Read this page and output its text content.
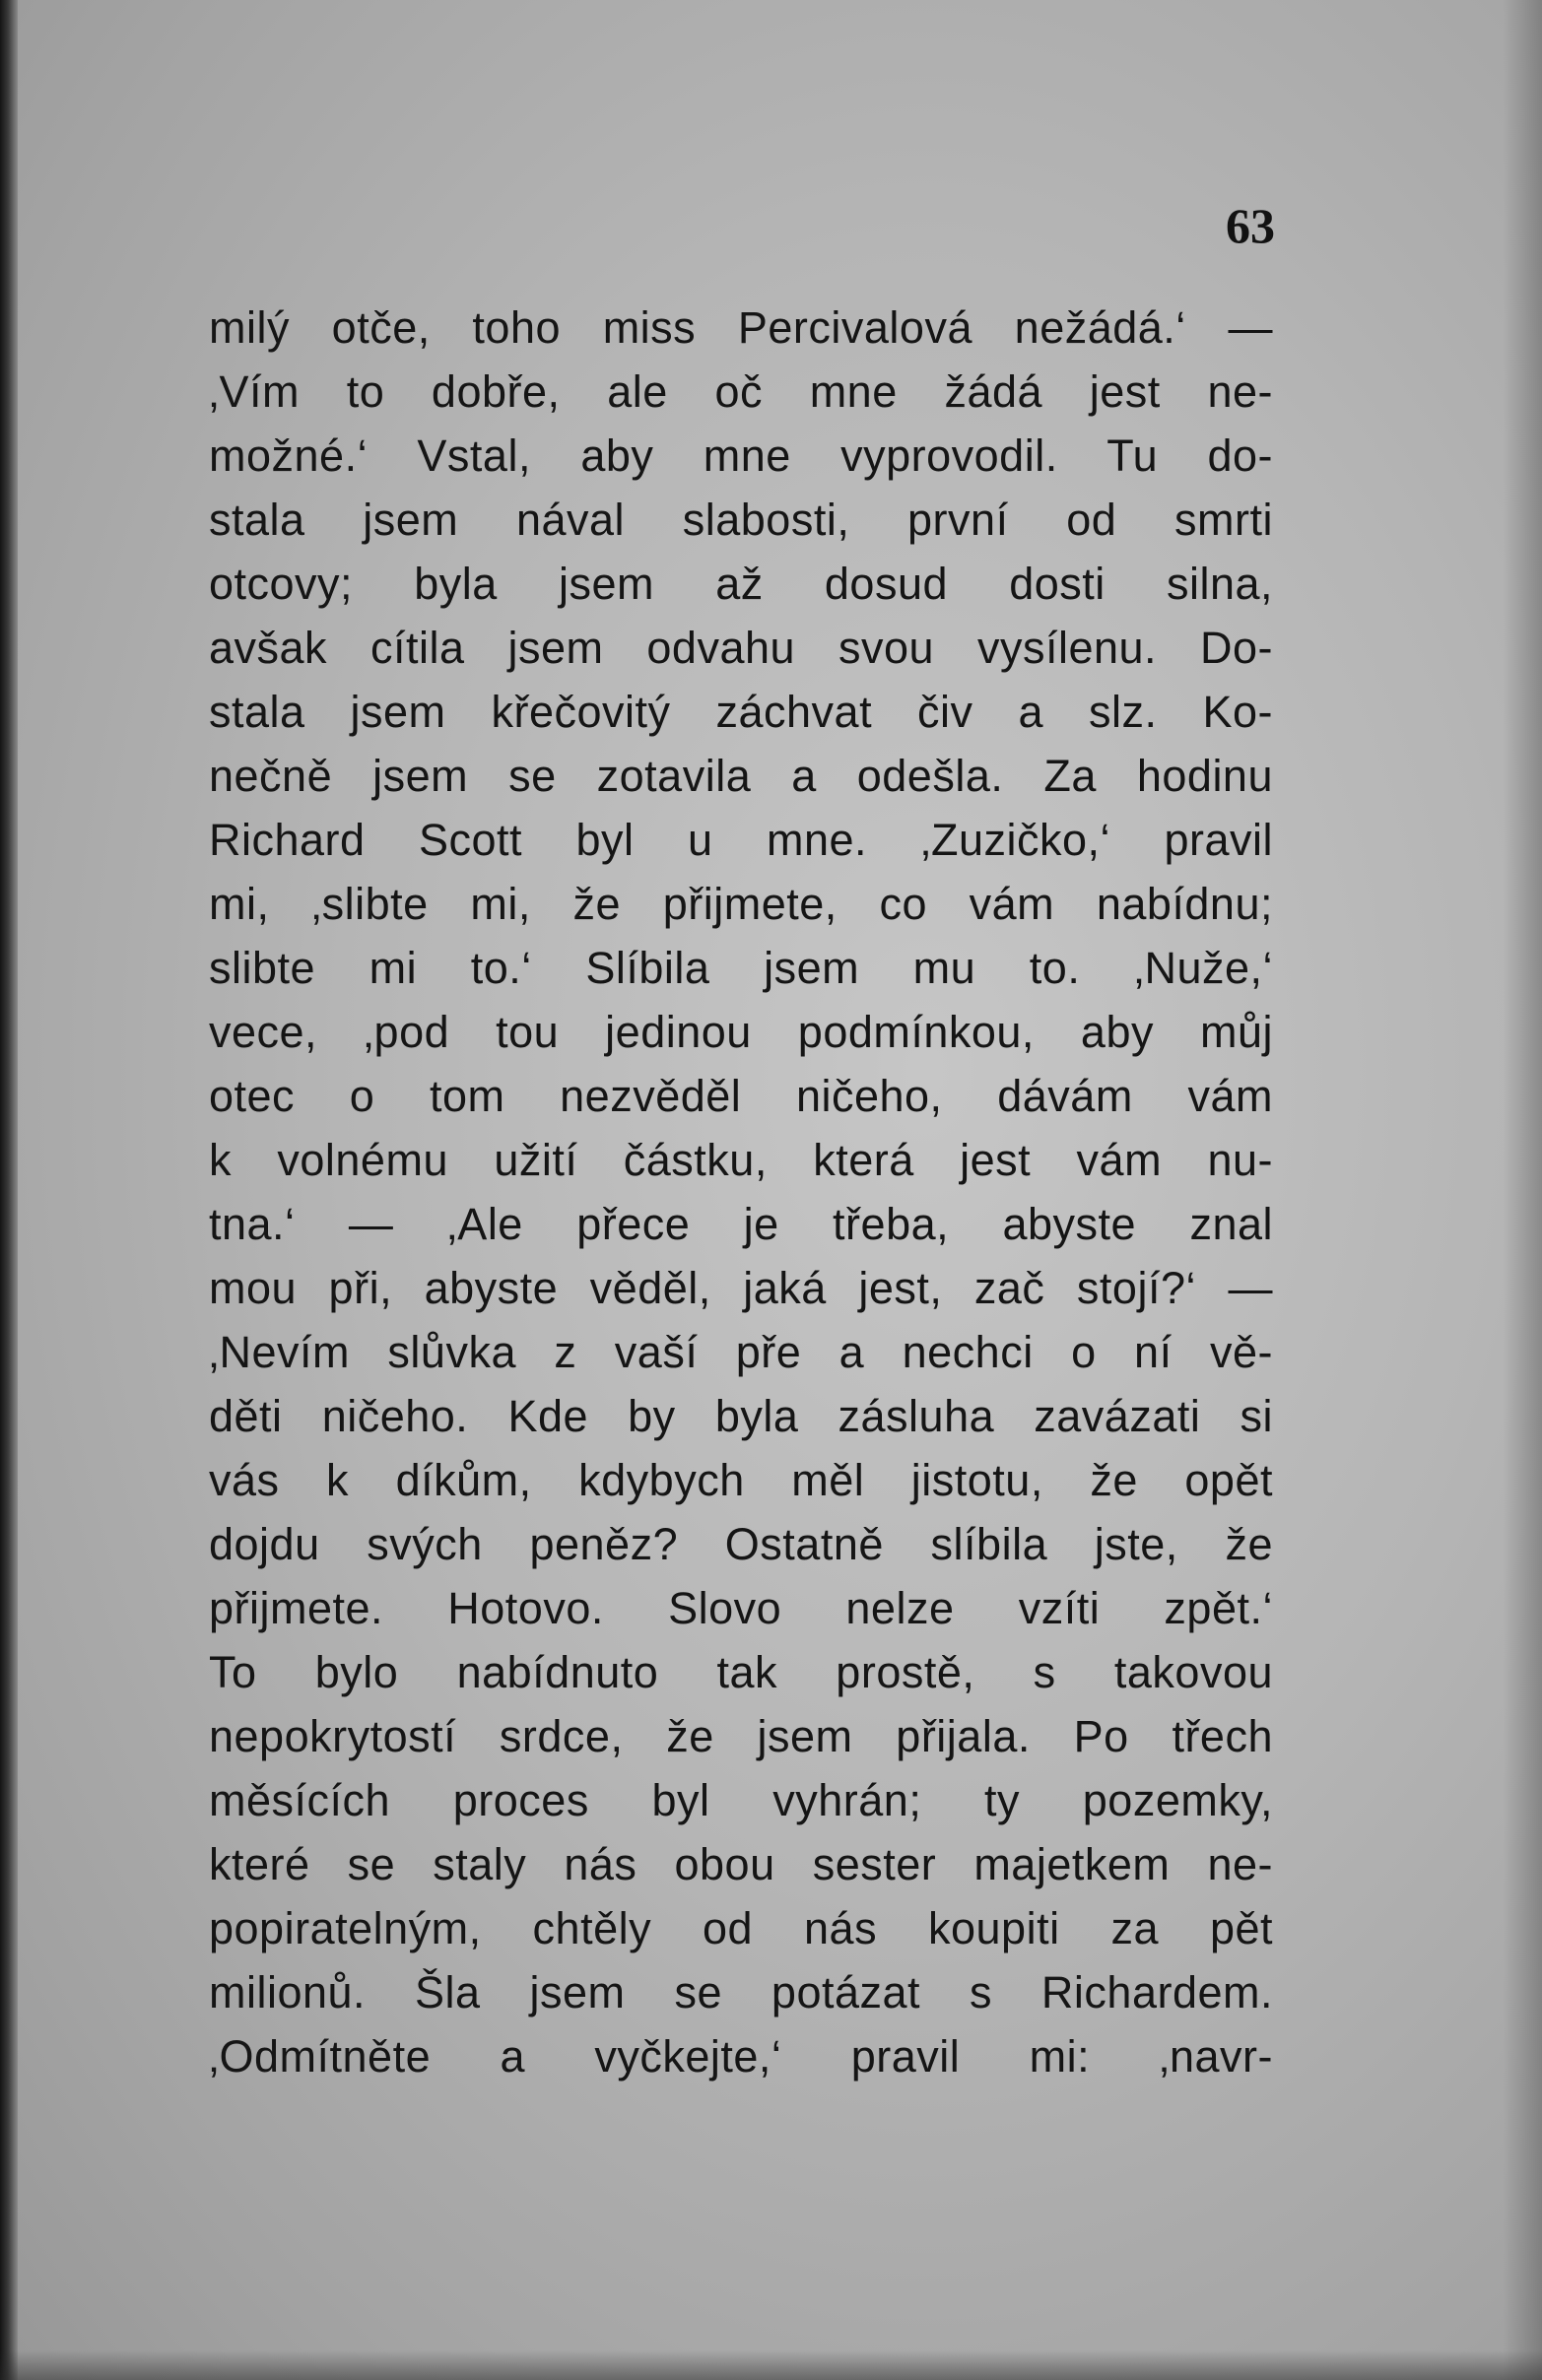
63
milý otče, toho miss Percivalová nežádá.‘ —
‚Vím to dobře, ale oč mne žádá jest ne-
možné.‘ Vstal, aby mne vyprovodil. Tu do-
stala jsem nával slabosti, první od smrti
otcovy; byla jsem až dosud dosti silna,
avšak cítila jsem odvahu svou vysílenu. Do-
stala jsem křečovitý záchvat čiv a slz. Ko-
nečně jsem se zotavila a odešla. Za hodinu
Richard Scott byl u mne. ‚Zuzičko,‘ pravil
mi, ‚slibte mi, že přijmete, co vám nabídnu;
slibte mi to.‘ Slíbila jsem mu to. ‚Nuže,‘
vece, ‚pod tou jedinou podmínkou, aby můj
otec o tom nezvěděl ničeho, dávám vám
k volnému užití částku, která jest vám nu-
tna.‘ — ‚Ale přece je třeba, abyste znal
mou při, abyste věděl, jaká jest, zač stojí?‘ —
‚Nevím slůvka z vaší pře a nechci o ní vě-
děti ničeho. Kde by byla zásluha zavázati si
vás k díkům, kdybych měl jistotu, že opět
dojdu svých peněz? Ostatně slíbila jste, že
přijmete. Hotovo. Slovo nelze vzíti zpět.‘
To bylo nabídnuto tak prostě, s takovou
nepokrytostí srdce, že jsem přijala. Po třech
měsících proces byl vyhrán; ty pozemky,
které se staly nás obou sester majetkem ne-
popiratelným, chtěly od nás koupiti za pět
milionů. Šla jsem se potázat s Richardem.
‚Odmítněte a vyčkejte,‘ pravil mi: ‚navr-
